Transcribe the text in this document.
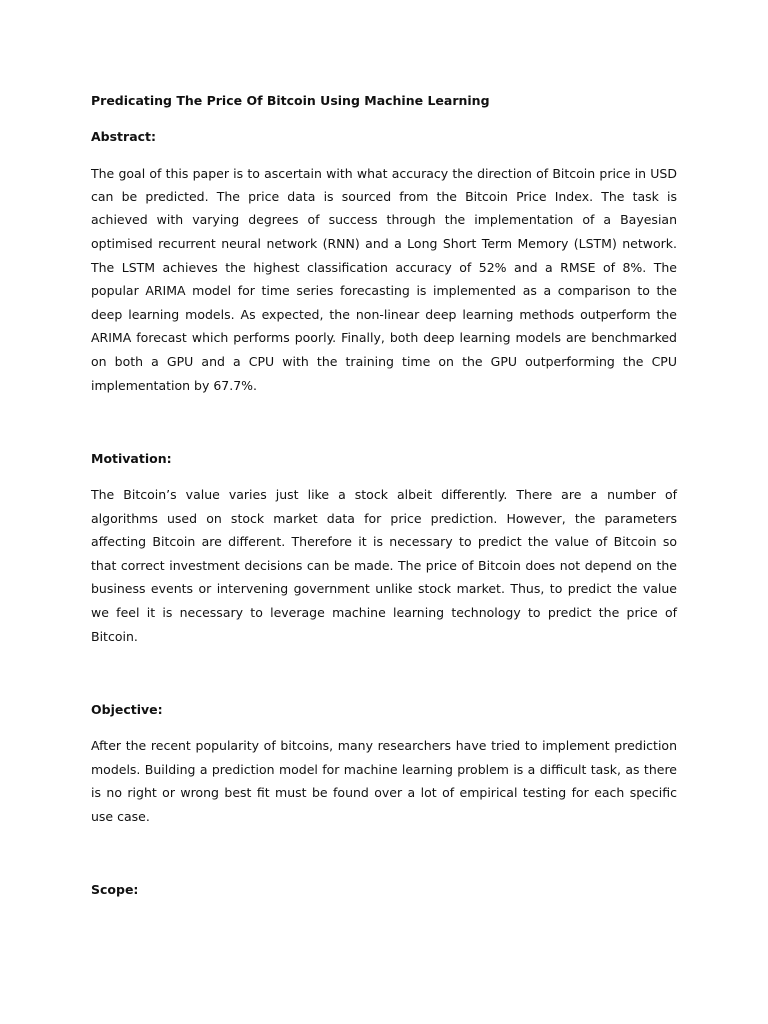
Predicating The Price Of Bitcoin Using Machine Learning
Abstract:
The goal of this paper is to ascertain with what accuracy the direction of Bitcoin price in USD
can be predicted. The price data is sourced from the Bitcoin Price Index. The task is
achieved with varying degrees of success through the implementation of a Bayesian
optimised recurrent neural network (RNN) and a Long Short Term Memory (LSTM) network.
The LSTM achieves the highest classification accuracy of 52% and a RMSE of 8%. The
popular ARIMA model for time series forecasting is implemented as a comparison to the
deep learning models. As expected, the non-linear deep learning methods outperform the
ARIMA forecast which performs poorly. Finally, both deep learning models are benchmarked
on both a GPU and a CPU with the training time on the GPU outperforming the CPU
implementation by 67.7%.
Motivation:
The Bitcoin’s value varies just like a stock albeit differently. There are a number of
algorithms used on stock market data for price prediction. However, the parameters
affecting Bitcoin are different. Therefore it is necessary to predict the value of Bitcoin so
that correct investment decisions can be made. The price of Bitcoin does not depend on the
business events or intervening government unlike stock market. Thus, to predict the value
we feel it is necessary to leverage machine learning technology to predict the price of
Bitcoin.
Objective:
After the recent popularity of bitcoins, many researchers have tried to implement prediction
models. Building a prediction model for machine learning problem is a difficult task, as there
is no right or wrong best fit must be found over a lot of empirical testing for each specific
use case.
Scope:
